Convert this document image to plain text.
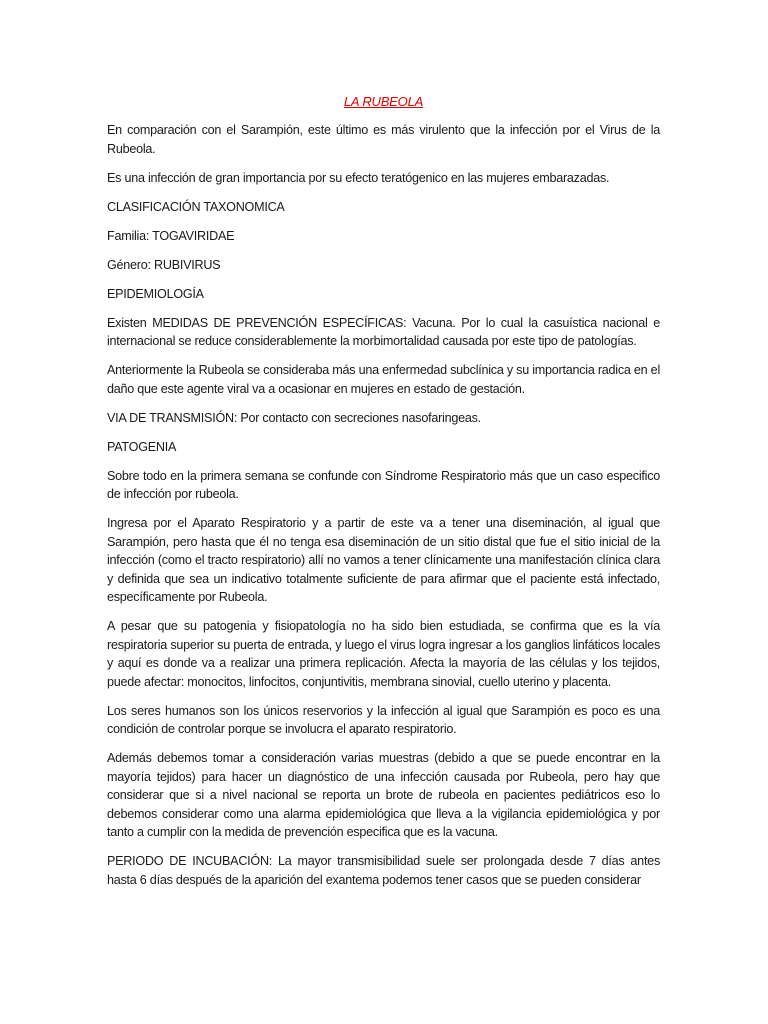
LA RUBEOLA

En comparación con el Sarampión, este último es más virulento que la infección por el Virus de la Rubeola.

Es una infección de gran importancia por su efecto teratógenico en las mujeres embarazadas.

CLASIFICACIÓN TAXONOMICA

Familia: TOGAVIRIDAE

Género: RUBIVIRUS

EPIDEMIOLOGÍA

Existen MEDIDAS DE PREVENCIÓN ESPECÍFICAS: Vacuna. Por lo cual la casuística nacional e internacional se reduce considerablemente la morbimortalidad causada por este tipo de patologías.

Anteriormente la Rubeola se consideraba más una enfermedad subclínica y su importancia radica en el daño que este agente viral va a ocasionar en mujeres en estado de gestación.

VIA DE TRANSMISIÓN: Por contacto con secreciones nasofaringeas.

PATOGENIA

Sobre todo en la primera semana se confunde con Síndrome Respiratorio más que un caso especifico de infección por rubeola.

Ingresa por el Aparato Respiratorio y a partir de este va a tener una diseminación, al igual que Sarampión, pero hasta que él no tenga esa diseminación de un sitio distal que fue el sitio inicial de la infección (como el tracto respiratorio) allí no vamos a tener clínicamente una manifestación clínica clara y definida que sea un indicativo totalmente suficiente de para afirmar que el paciente está infectado, específicamente por Rubeola.

A pesar que su patogenia y fisiopatología no ha sido bien estudiada, se confirma que es la vía respiratoria superior su puerta de entrada, y luego el virus logra ingresar a los ganglios linfáticos locales y aquí es donde va a realizar una primera replicación. Afecta la mayoría de las células y los tejidos, puede afectar: monocitos, linfocitos, conjuntivitis, membrana sinovial, cuello uterino y placenta.

Los seres humanos son los únicos reservorios y la infección al igual que Sarampión es poco es una condición de controlar porque se involucra el aparato respiratorio.

Además debemos tomar a consideración varias muestras (debido a que se puede encontrar en la mayoría tejidos) para hacer un diagnóstico de una infección causada por Rubeola, pero hay que considerar que si a nivel nacional se reporta un brote de rubeola en pacientes pediátricos eso lo debemos considerar como una alarma epidemiológica que lleva a la vigilancia epidemiológica y por tanto a cumplir con la medida de prevención especifica que es la vacuna.

PERIODO DE INCUBACIÓN: La mayor transmisibilidad suele ser prolongada desde 7 días antes hasta 6 días después de la aparición del exantema podemos tener casos que se pueden considerar
